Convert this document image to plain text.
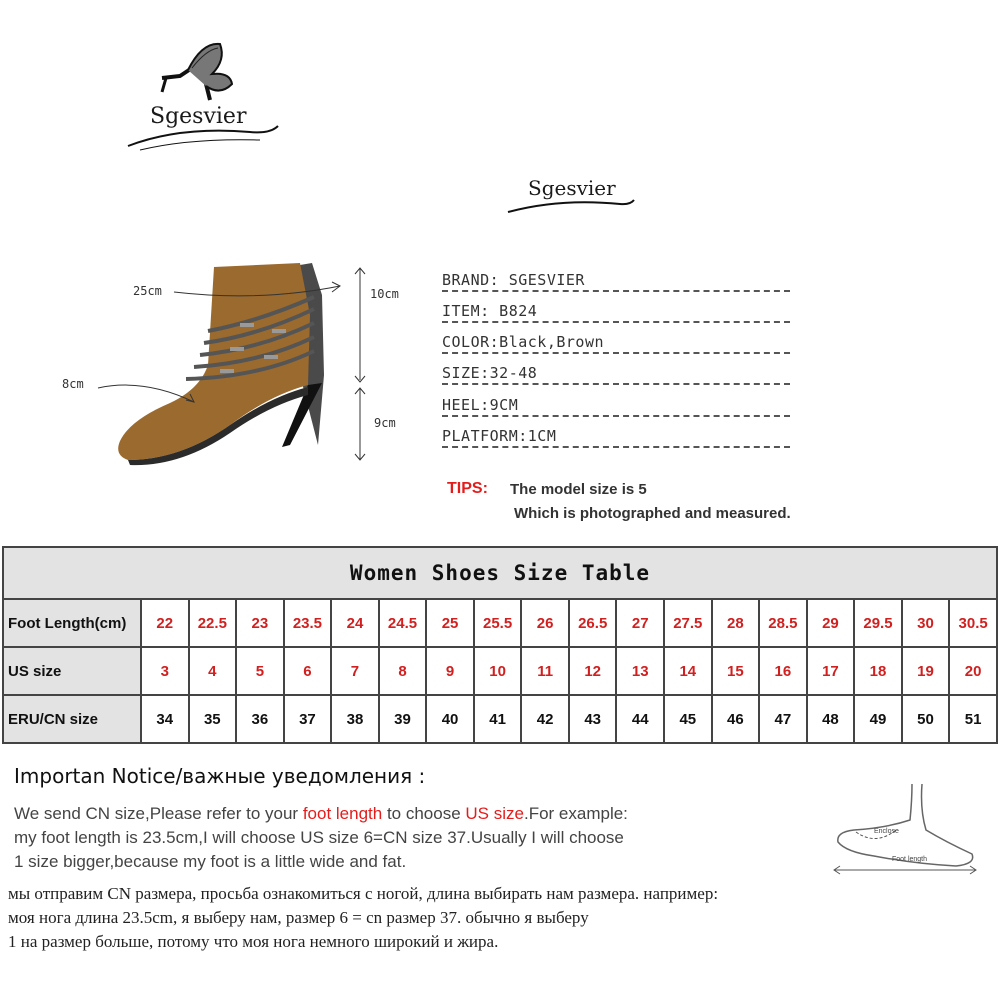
Sgesvier
Sgesvier
25cm
8cm
10cm
9cm
BRAND: SGESVIER
ITEM: B824
COLOR:Black,Brown
SIZE:32-48
HEEL:9CM
PLATFORM:1CM
TIPS: The model size is 5
Which is photographed and measured.
Women Shoes Size Table																		
Foot Length(cm)	22	22.5	23	23.5	24	24.5	25	25.5	26	26.5	27	27.5	28	28.5	29	29.5	30	30.5
US size	3	4	5	6	7	8	9	10	11	12	13	14	15	16	17	18	19	20
ERU/CN size	34	35	36	37	38	39	40	41	42	43	44	45	46	47	48	49	50	51
Importan Notice/важные уведомления :
We send CN size,Please refer to your foot length to choose US size.For example:
my foot length is 23.5cm,I will choose US size 6=CN size 37.Usually I will choose
1 size bigger,because my foot is a little wide and fat.
мы отправим CN размера, просьба ознакомиться с ногой, длина выбирать нам размера. например:
моя нога длина 23.5cm, я выберу нам, размер 6 = cn размер 37. обычно я выберу
1 на размер больше, потому что моя нога немного широкий и жира.
Enclose
Foot length
